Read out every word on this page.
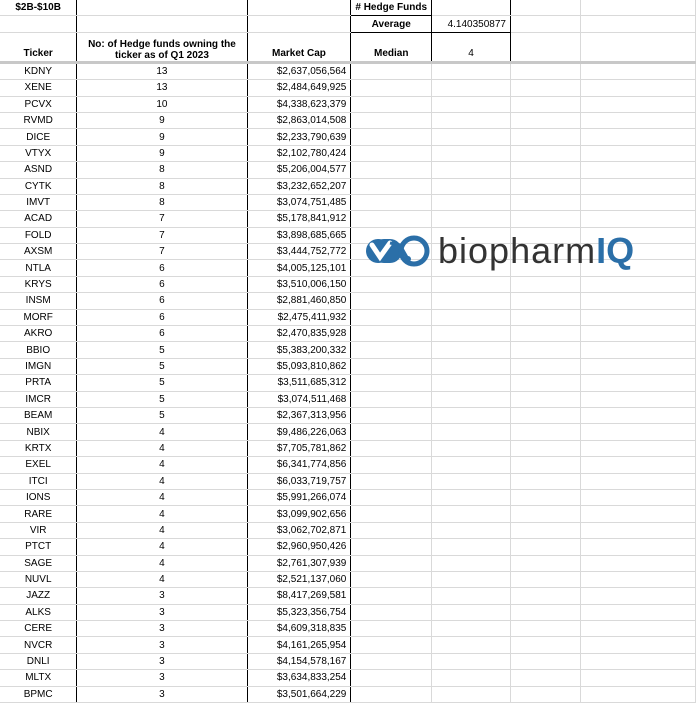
$2B-$10B			# Hedge Funds			
			Average	4.140350877		
Ticker	No: of Hedge funds owning the ticker as of Q1 2023	Market Cap	Median	4		
KDNY	13	$2,637,056,564				
XENE	13	$2,484,649,925				
PCVX	10	$4,338,623,379				
RVMD	9	$2,863,014,508				
DICE	9	$2,233,790,639				
VTYX	9	$2,102,780,424				
ASND	8	$5,206,004,577				
CYTK	8	$3,232,652,207				
IMVT	8	$3,074,751,485				
ACAD	7	$5,178,841,912				
FOLD	7	$3,898,685,665				
AXSM	7	$3,444,752,772				
NTLA	6	$4,005,125,101				
KRYS	6	$3,510,006,150				
INSM	6	$2,881,460,850				
MORF	6	$2,475,411,932				
AKRO	6	$2,470,835,928				
BBIO	5	$5,383,200,332				
IMGN	5	$5,093,810,862				
PRTA	5	$3,511,685,312				
IMCR	5	$3,074,511,468				
BEAM	5	$2,367,313,956				
NBIX	4	$9,486,226,063				
KRTX	4	$7,705,781,862				
EXEL	4	$6,341,774,856				
ITCI	4	$6,033,719,757				
IONS	4	$5,991,266,074				
RARE	4	$3,099,902,656				
VIR	4	$3,062,702,871				
PTCT	4	$2,960,950,426				
SAGE	4	$2,761,307,939				
NUVL	4	$2,521,137,060				
JAZZ	3	$8,417,269,581				
ALKS	3	$5,323,356,754				
CERE	3	$4,609,318,835				
NVCR	3	$4,161,265,954				
DNLI	3	$4,154,578,167				
MLTX	3	$3,634,833,254				
BPMC	3	$3,501,664,229				
biopharmIQ
